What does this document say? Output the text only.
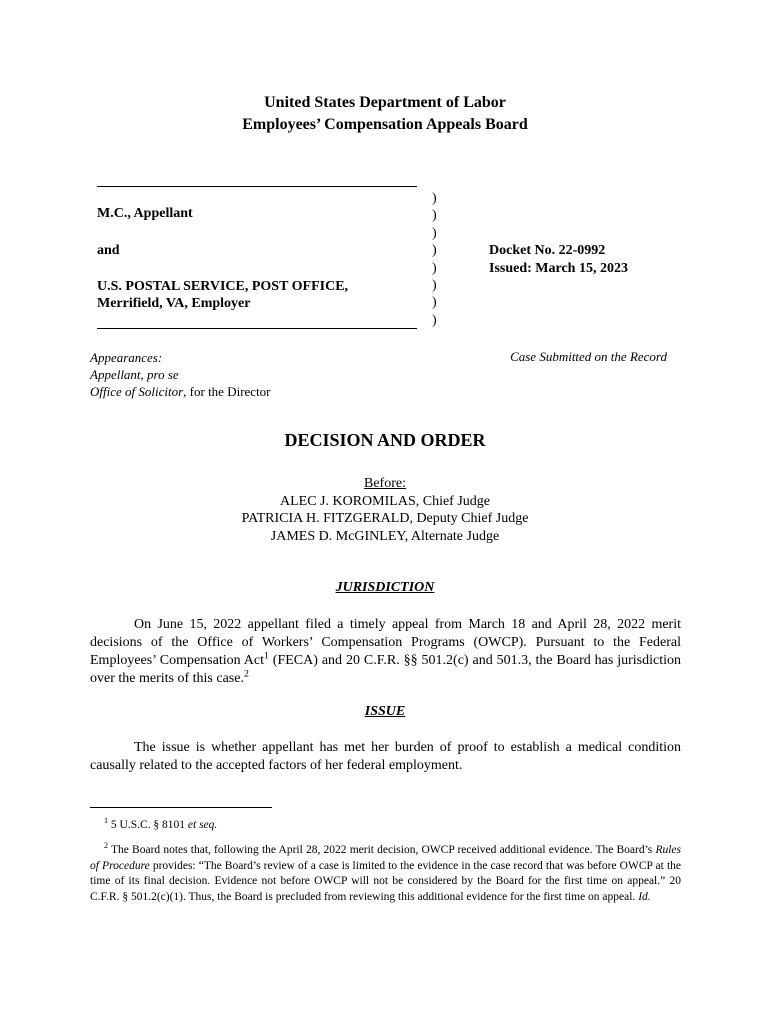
United States Department of Labor
Employees’ Compensation Appeals Board
M.C., Appellant
and
U.S. POSTAL SERVICE, POST OFFICE,
Merrifield, VA, Employer
)
)
)
)
)
)
)
)
Docket No. 22-0992
Issued: March 15, 2023
Appearances:
Appellant, pro se
Office of Solicitor, for the Director
Case Submitted on the Record
DECISION AND ORDER
Before:
ALEC J. KOROMILAS, Chief Judge
PATRICIA H. FITZGERALD, Deputy Chief Judge
JAMES D. McGINLEY, Alternate Judge
JURISDICTION
On June 15, 2022 appellant filed a timely appeal from March 18 and April 28, 2022 merit decisions of the Office of Workers’ Compensation Programs (OWCP). Pursuant to the Federal Employees’ Compensation Act$^1$ (FECA) and 20 C.F.R. §§ 501.2(c) and 501.3, the Board has jurisdiction over the merits of this case.$^2$
ISSUE
The issue is whether appellant has met her burden of proof to establish a medical condition causally related to the accepted factors of her federal employment.
$^1$ 5 U.S.C. § 8101 et seq.
$^2$ The Board notes that, following the April 28, 2022 merit decision, OWCP received additional evidence. The Board’s Rules of Procedure provides: “The Board’s review of a case is limited to the evidence in the case record that was before OWCP at the time of its final decision. Evidence not before OWCP will not be considered by the Board for the first time on appeal.” 20 C.F.R. § 501.2(c)(1). Thus, the Board is precluded from reviewing this additional evidence for the first time on appeal. Id.
